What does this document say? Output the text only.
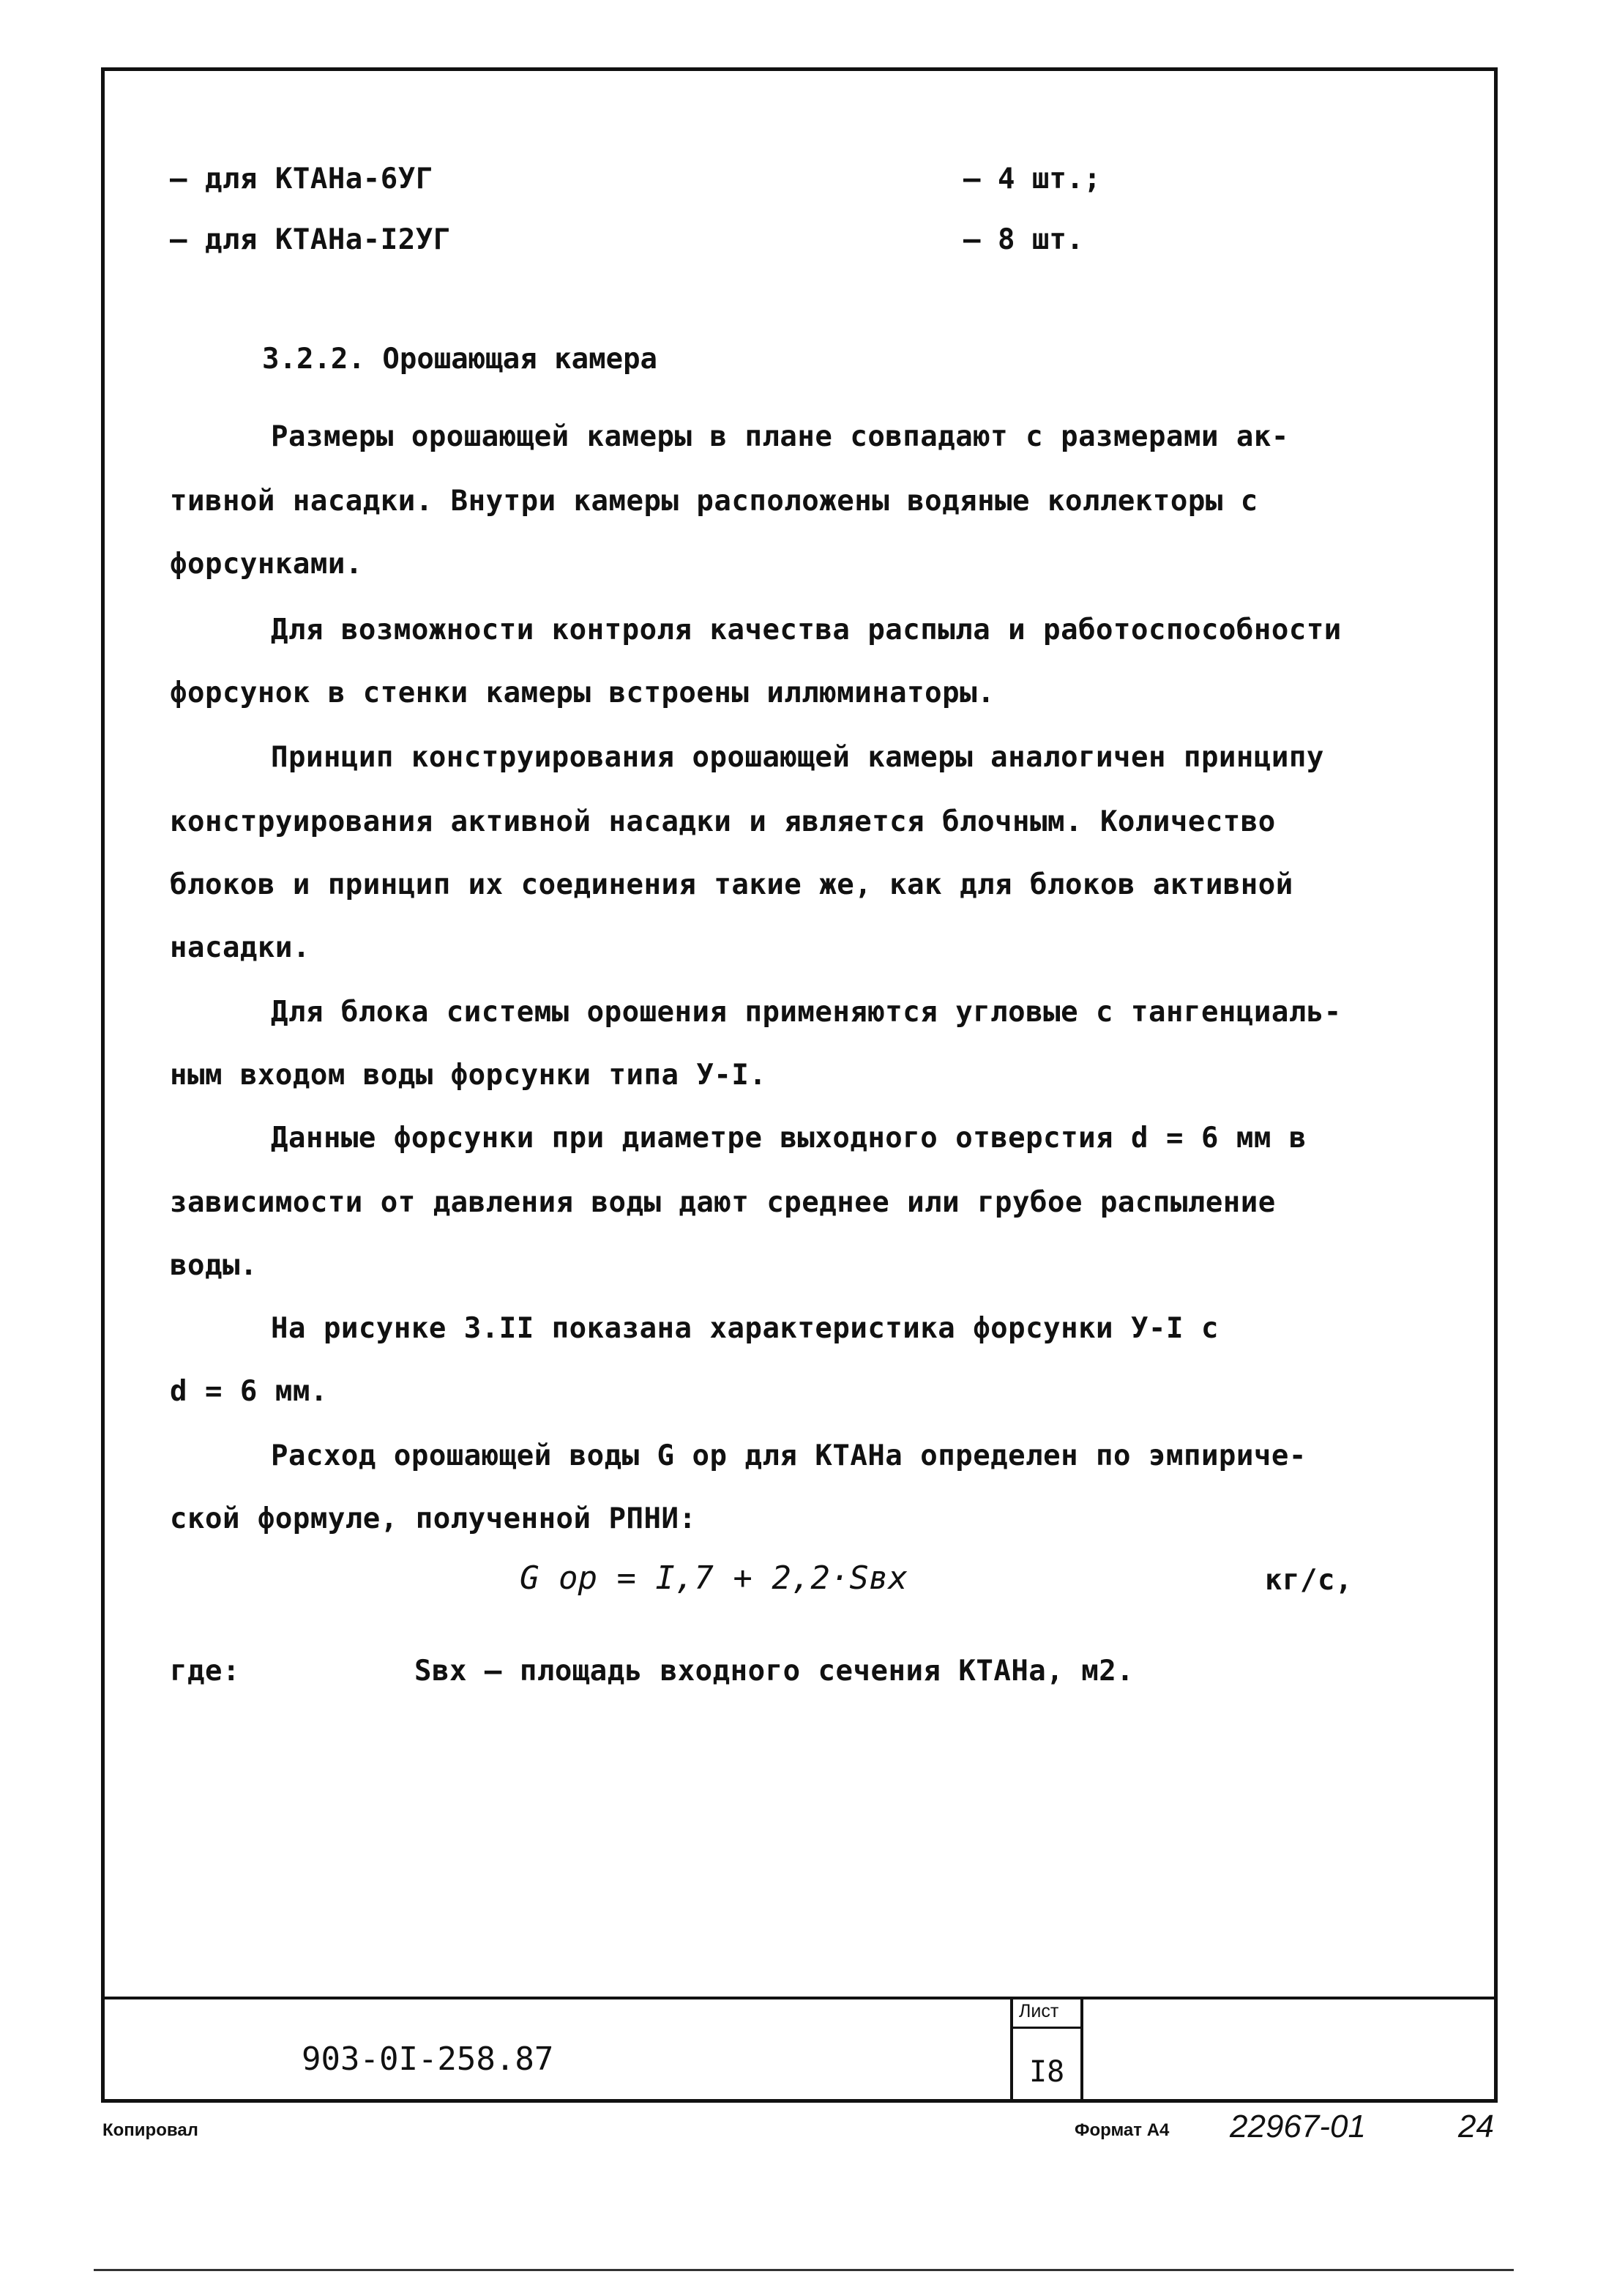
– для КТАНа-6УГ	– 4 шт.;
– для КТАНа-I2УГ	– 8 шт.
3.2.2. Орошающая камера
Размеры орошающей камеры в плане совпадают с размерами ак-
тивной насадки. Внутри камеры расположены водяные коллекторы с
форсунками.
Для возможности контроля качества распыла и работоспособности
форсунок в стенки камеры встроены иллюминаторы.
Принцип конструирования орошающей камеры аналогичен принципу
конструирования активной насадки и является блочным. Количество
блоков и принцип их соединения такие же, как для блоков активной
насадки.
Для блока системы орошения применяются угловые с тангенциаль-
ным входом воды форсунки типа У-I.
Данные форсунки при диаметре выходного отверстия d = 6 мм в
зависимости от давления воды дают среднее или грубое распыление
воды.
На рисунке 3.II показана характеристика форсунки У-I с
d = 6 мм.
Расход орошающей воды G ор для КТАНа определен по эмпириче-
ской формуле, полученной РПНИ:
G ор = I,7 + 2,2·Sвх	кг/с,
где:	Sвх – площадь входного сечения КТАНа, м2.
903-0I-258.87
Лист
I8
Копировал	Формат А4 22967-01	24
